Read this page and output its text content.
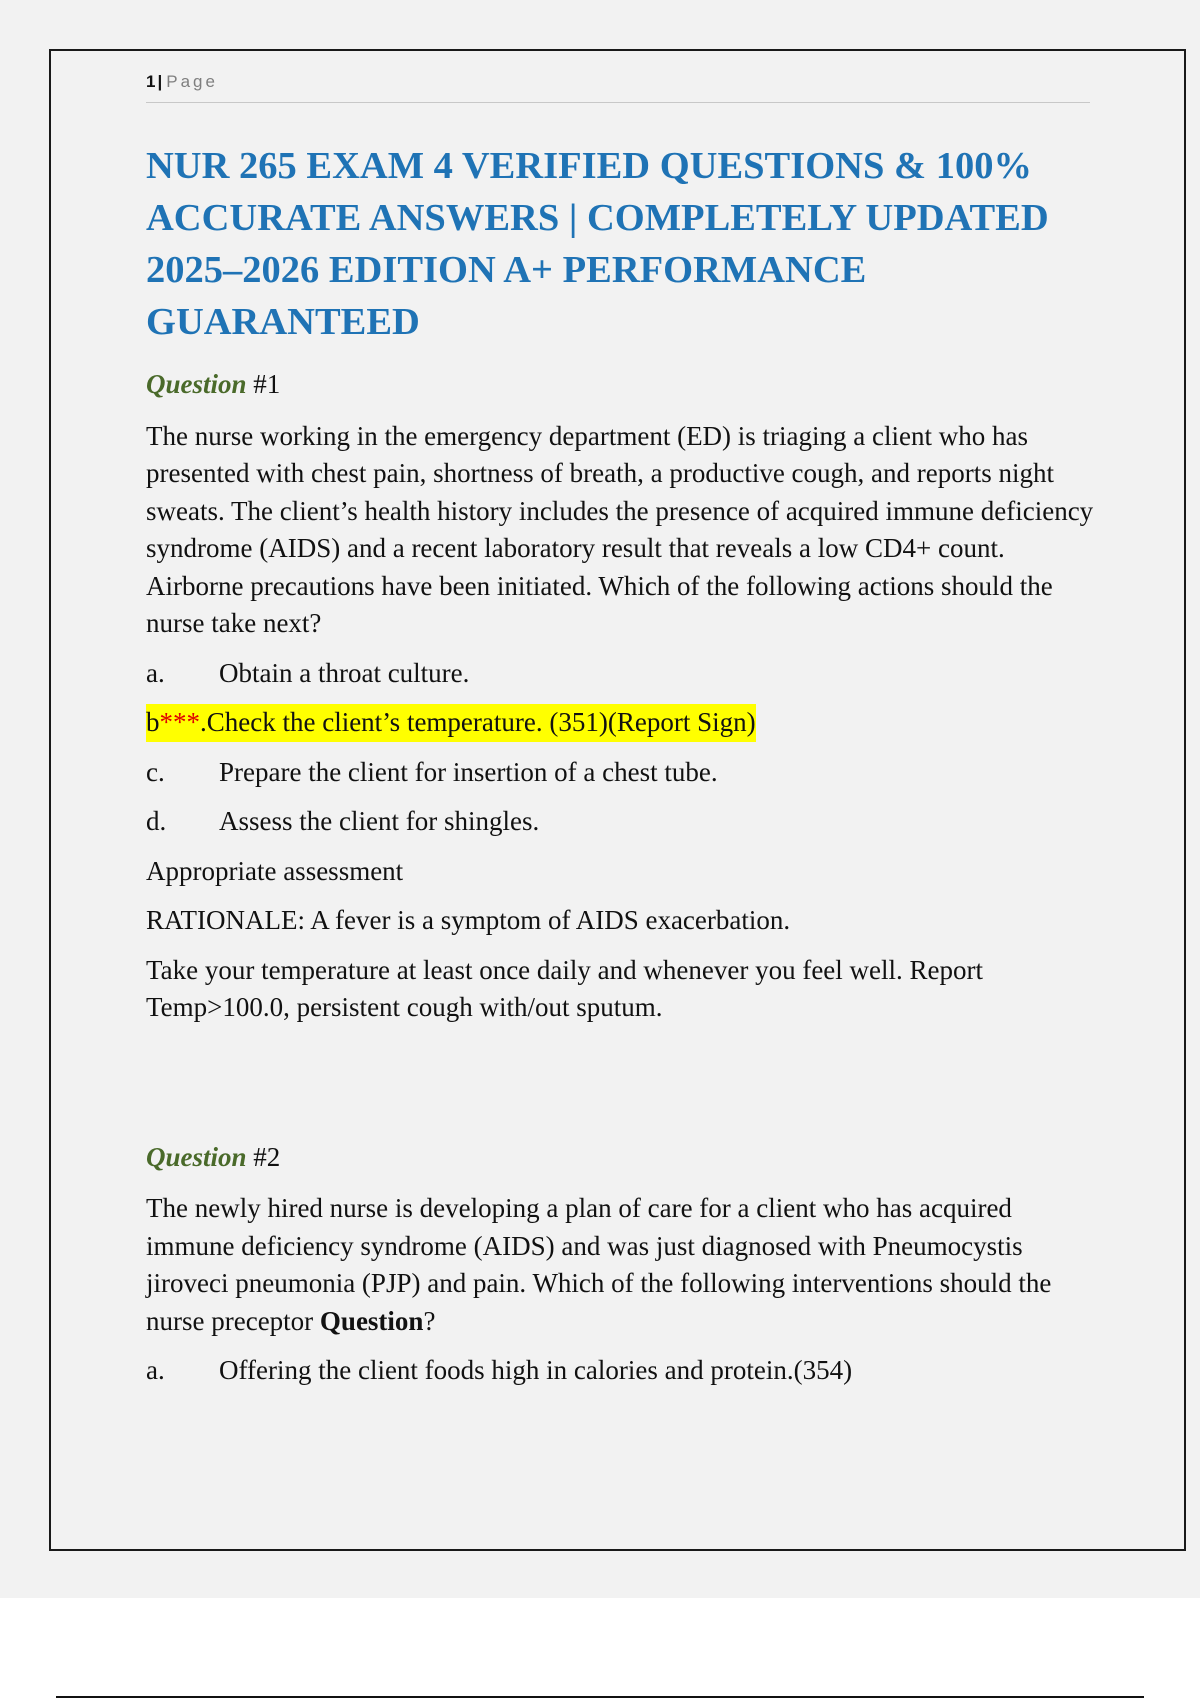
1 | Page
NUR 265 EXAM 4 VERIFIED QUESTIONS & 100% ACCURATE ANSWERS | COMPLETELY UPDATED 2025–2026 EDITION A+ PERFORMANCE GUARANTEED
Question #1
The nurse working in the emergency department (ED) is triaging a client who has presented with chest pain, shortness of breath, a productive cough, and reports night sweats. The client’s health history includes the presence of acquired immune deficiency syndrome (AIDS) and a recent laboratory result that reveals a low CD4+ count. Airborne precautions have been initiated. Which of the following actions should the nurse take next?
a.	Obtain a throat culture.
b***.Check the client’s temperature. (351)(Report Sign)
c.	Prepare the client for insertion of a chest tube.
d.	Assess the client for shingles.
Appropriate assessment
RATIONALE: A fever is a symptom of AIDS exacerbation.
Take your temperature at least once daily and whenever you feel well. Report Temp>100.0, persistent cough with/out sputum.
Question #2
The newly hired nurse is developing a plan of care for a client who has acquired immune deficiency syndrome (AIDS) and was just diagnosed with Pneumocystis jiroveci pneumonia (PJP) and pain. Which of the following interventions should the nurse preceptor Question?
a.	Offering the client foods high in calories and protein.(354)
